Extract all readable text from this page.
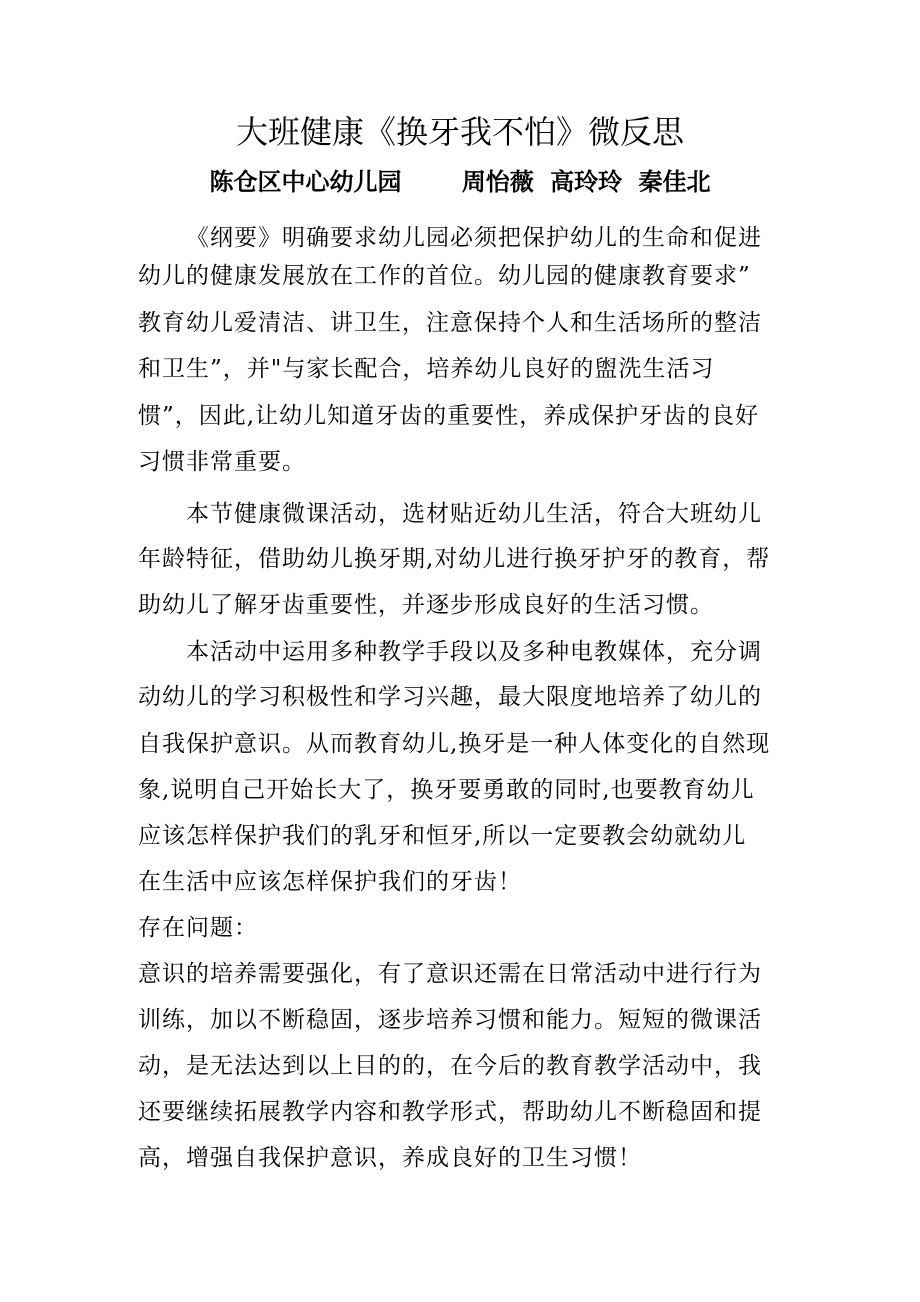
大班健康《换牙我不怕》微反思
陈仓区中心幼儿园	周怡薇 高玲玲 秦佳北
《纲要》明确要求幼儿园必须把保护幼儿的生命和促进
幼儿的健康发展放在工作的首位。幼儿园的健康教育要求”
教育幼儿爱清洁、讲卫生，注意保持个人和生活场所的整洁
和卫生”，并"与家长配合，培养幼儿良好的盥洗生活习
惯”，因此,让幼儿知道牙齿的重要性，养成保护牙齿的良好
习惯非常重要。
本节健康微课活动，选材贴近幼儿生活，符合大班幼儿
年龄特征，借助幼儿换牙期,对幼儿进行换牙护牙的教育，帮
助幼儿了解牙齿重要性，并逐步形成良好的生活习惯。
本活动中运用多种教学手段以及多种电教媒体，充分调
动幼儿的学习积极性和学习兴趣，最大限度地培养了幼儿的
自我保护意识。从而教育幼儿,换牙是一种人体变化的自然现
象,说明自己开始长大了，换牙要勇敢的同时,也要教育幼儿
应该怎样保护我们的乳牙和恒牙,所以一定要教会幼就幼儿
在生活中应该怎样保护我们的牙齿！
存在问题：
意识的培养需要强化，有了意识还需在日常活动中进行行为
训练，加以不断稳固，逐步培养习惯和能力。短短的微课活
动，是无法达到以上目的的，在今后的教育教学活动中，我
还要继续拓展教学内容和教学形式，帮助幼儿不断稳固和提
高，增强自我保护意识，养成良好的卫生习惯！
